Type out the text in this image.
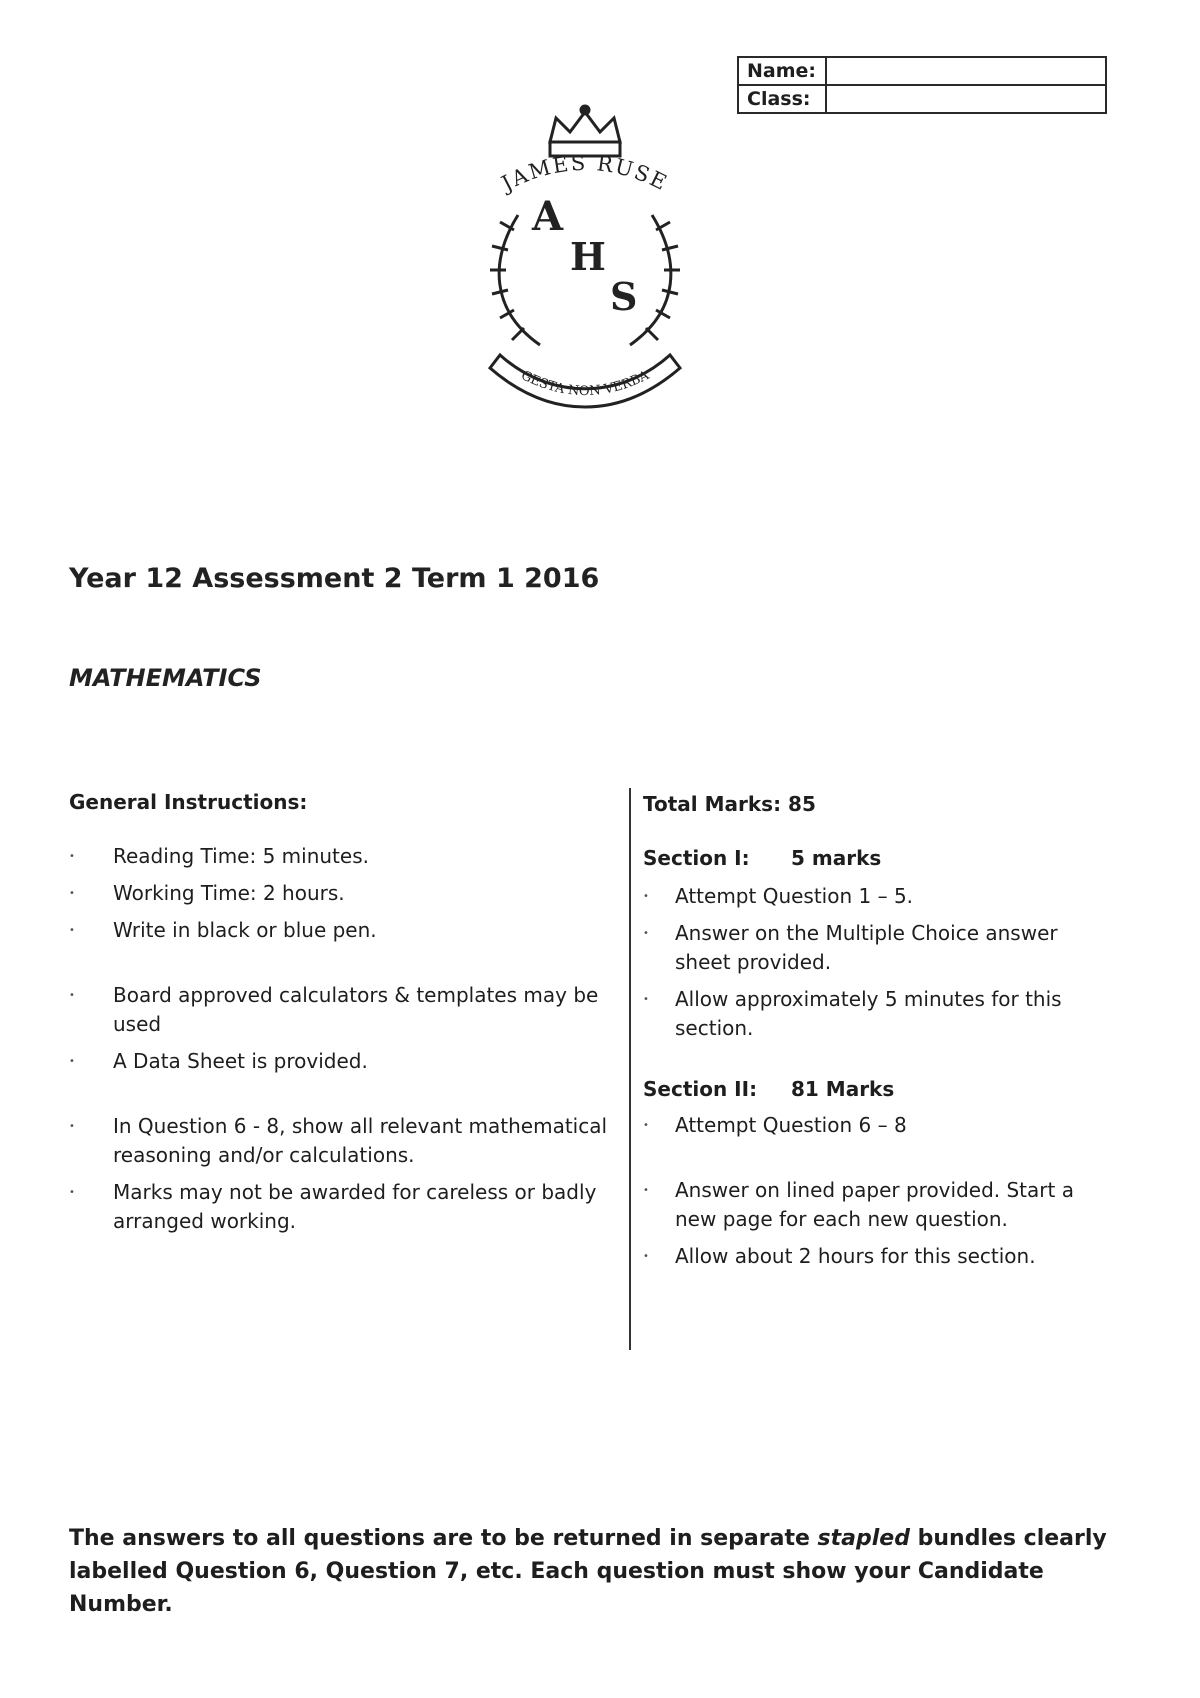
Name:	
Class:	
A
H
S
JAMES RUSE
GESTA NON VERBA
Year 12 Assessment 2 Term 1 2016
MATHEMATICS

General Instructions:

• Reading Time: 5 minutes.
• Working Time: 2 hours.
• Write in black or blue pen.
• Board approved calculators & templates may be used
• A Data Sheet is provided.
• In Question 6 - 8, show all relevant mathematical reasoning and/or calculations.
• Marks may not be awarded for careless or badly arranged working.

Total Marks: 85

Section I:	5 marks
• Attempt Question 1 – 5.
• Answer on the Multiple Choice answer sheet provided.
• Allow approximately 5 minutes for this section.
Section II:	81 Marks
• Attempt Question 6 – 8
• Answer on lined paper provided. Start a new page for each new question.
• Allow about 2 hours for this section.

The answers to all questions are to be returned in separate stapled bundles clearly labelled Question 6, Question 7, etc. Each question must show your Candidate Number.
